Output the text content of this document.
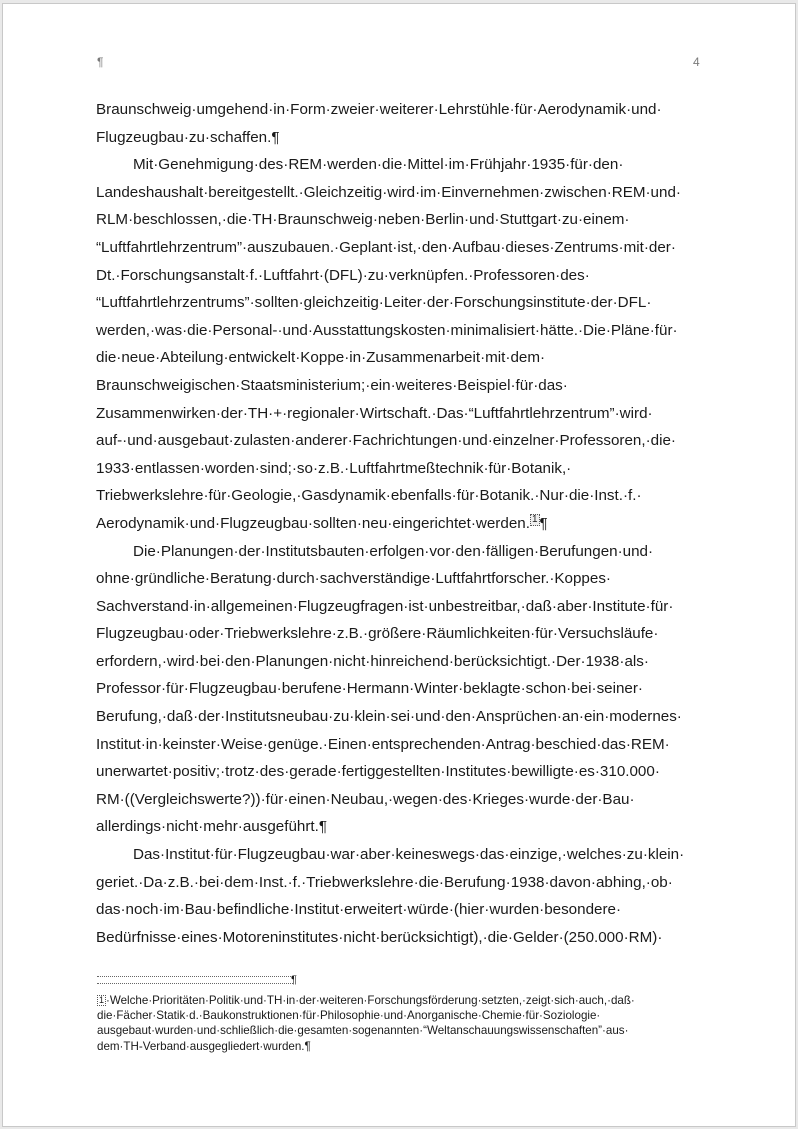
¶	4
Braunschweig·umgehend·in·Form·zweier·weiterer·Lehrstühle·für·Aerodynamik·und·
Flugzeugbau·zu·schaffen.¶
Mit·Genehmigung·des·REM·werden·die·Mittel·im·Frühjahr·1935·für·den·
Landeshaushalt·bereitgestellt.·Gleichzeitig·wird·im·Einvernehmen·zwischen·REM·und·
RLM·beschlossen,·die·TH·Braunschweig·neben·Berlin·und·Stuttgart·zu·einem·
“Luftfahrtlehrzentrum”·auszubauen.·Geplant·ist,·den·Aufbau·dieses·Zentrums·mit·der·
Dt.·Forschungsanstalt·f.·Luftfahrt·(DFL)·zu·verknüpfen.·Professoren·des·
“Luftfahrtlehrzentrums”·sollten·gleichzeitig·Leiter·der·Forschungsinstitute·der·DFL·
werden,·was·die·Personal-·und·Ausstattungskosten·minimalisiert·hätte.·Die·Pläne·für·
die·neue·Abteilung·entwickelt·Koppe·in·Zusammenarbeit·mit·dem·
Braunschweigischen·Staatsministerium;·ein·weiteres·Beispiel·für·das·
Zusammenwirken·der·TH·+·regionaler·Wirtschaft.·Das·“Luftfahrtlehrzentrum”·wird·
auf-·und·ausgebaut·zulasten·anderer·Fachrichtungen·und·einzelner·Professoren,·die·
1933·entlassen·worden·sind;·so·z.B.·Luftfahrtmeßtechnik·für·Botanik,·
Triebwerkslehre·für·Geologie,·Gasdynamik·ebenfalls·für·Botanik.·Nur·die·Inst.·f.·
Aerodynamik·und·Flugzeugbau·sollten·neu·eingerichtet·werden. 1 ¶
Die·Planungen·der·Institutsbauten·erfolgen·vor·den·fälligen·Berufungen·und·
ohne·gründliche·Beratung·durch·sachverständige·Luftfahrtforscher.·Koppes·
Sachverstand·in·allgemeinen·Flugzeugfragen·ist·unbestreitbar,·daß·aber·Institute·für·
Flugzeugbau·oder·Triebwerkslehre·z.B.·größere·Räumlichkeiten·für·Versuchsläufe·
erfordern,·wird·bei·den·Planungen·nicht·hinreichend·berücksichtigt.·Der·1938·als·
Professor·für·Flugzeugbau·berufene·Hermann·Winter·beklagte·schon·bei·seiner·
Berufung,·daß·der·Institutsneubau·zu·klein·sei·und·den·Ansprüchen·an·ein·modernes·
Institut·in·keinster·Weise·genüge.·Einen·entsprechenden·Antrag·beschied·das·REM·
unerwartet·positiv;·trotz·des·gerade·fertiggestellten·Institutes·bewilligte·es·310.000·
RM·((Vergleichswerte?))·für·einen·Neubau,·wegen·des·Krieges·wurde·der·Bau·
allerdings·nicht·mehr·ausgeführt.¶
Das·Institut·für·Flugzeugbau·war·aber·keineswegs·das·einzige,·welches·zu·klein·
geriet.·Da·z.B.·bei·dem·Inst.·f.·Triebwerkslehre·die·Berufung·1938·davon·abhing,·ob·
das·noch·im·Bau·befindliche·Institut·erweitert·würde·(hier·wurden·besondere·
Bedürfnisse·eines·Motoreninstitutes·nicht·berücksichtigt),·die·Gelder·(250.000·RM)·
¶
1 ·Welche·Prioritäten·Politik·und·TH·in·der·weiteren·Forschungsförderung·setzten,·zeigt·sich·auch,·daß·
die·Fächer·Statik·d.·Baukonstruktionen·für·Philosophie·und·Anorganische·Chemie·für·Soziologie·
ausgebaut·wurden·und·schließlich·die·gesamten·sogenannten·“Weltanschauungswissenschaften”·aus·
dem·TH-Verband·ausgegliedert·wurden.¶
